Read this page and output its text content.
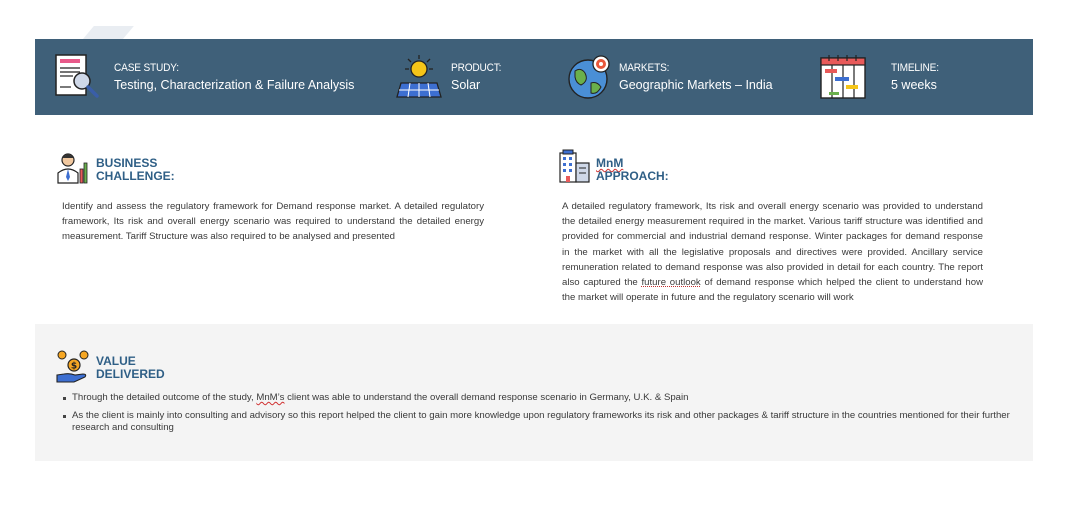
CASE STUDY:
Testing, Characterization & Failure Analysis
PRODUCT:
Solar
MARKETS:
Geographic Markets – India
TIMELINE:
5 weeks
BUSINESS
CHALLENGE:
Identify and assess the regulatory framework for Demand response market. A detailed regulatory framework, Its risk and overall energy scenario was required to understand the detailed energy measurement. Tariff Structure was also required to be analysed and presented
MnM
APPROACH:
A detailed regulatory framework, Its risk and overall energy scenario was provided to understand the detailed energy measurement required in the market. Various tariff structure was identified and provided for commercial and industrial demand response. Winter packages for demand response in the market with all the legislative proposals and directives were provided. Ancillary service remuneration related to demand response was also provided in detail for each country. The report also captured the future outlook of demand response which helped the client to understand how the market will operate in future and the regulatory scenario will work
$ VALUE
DELIVERED
Through the detailed outcome of the study, MnM’s client was able to understand the overall demand response scenario in Germany, U.K. & Spain
As the client is mainly into consulting and advisory so this report helped the client to gain more knowledge upon regulatory frameworks its risk and other packages & tariff structure in the countries mentioned for their further research and consulting
